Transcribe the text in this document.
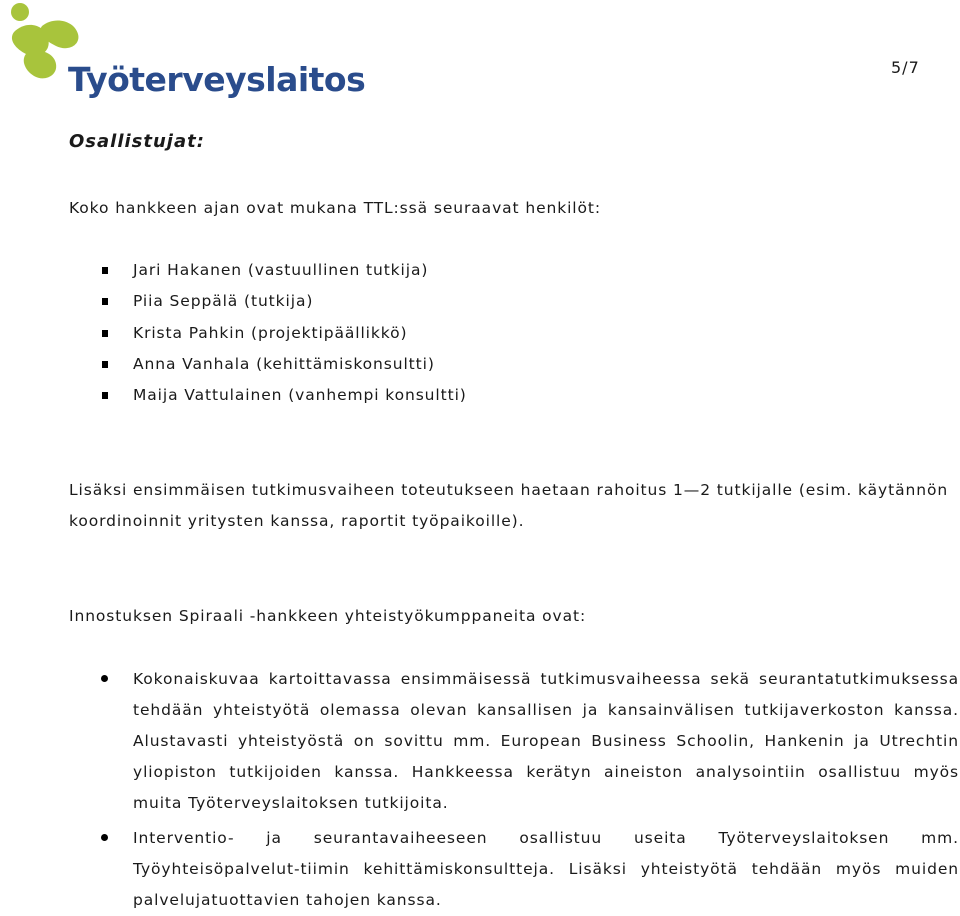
Työterveyslaitos	5/7
Osallistujat:

Koko hankkeen ajan ovat mukana TTL:ssä seuraavat henkilöt:

Jari Hakanen (vastuullinen tutkija)
Piia Seppälä (tutkija)
Krista Pahkin (projektipäällikkö)
Anna Vanhala (kehittämiskonsultti)
Maija Vattulainen (vanhempi konsultti)

Lisäksi ensimmäisen tutkimusvaiheen toteutukseen haetaan rahoitus 1—2 tutkijalle (esim. käytännön koordinoinnit yritysten kanssa, raportit työpaikoille).

Innostuksen Spiraali -hankkeen yhteistyökumppaneita ovat:

Kokonaiskuvaa kartoittavassa ensimmäisessä tutkimusvaiheessa sekä seurantatutkimuksessa tehdään yhteistyötä olemassa olevan kansallisen ja kansainvälisen tutkijaverkoston kanssa. Alustavasti yhteistyöstä on sovittu mm. European Business Schoolin, Hankenin ja Utrechtin yliopiston tutkijoiden kanssa. Hankkeessa kerätyn aineiston analysointiin osallistuu myös muita Työterveyslaitoksen tutkijoita.
Interventio- ja seurantavaiheeseen osallistuu useita Työterveyslaitoksen mm. Työyhteisöpalvelut-tiimin kehittämiskonsultteja. Lisäksi yhteistyötä tehdään myös muiden palvelujatuottavien tahojen kanssa.
